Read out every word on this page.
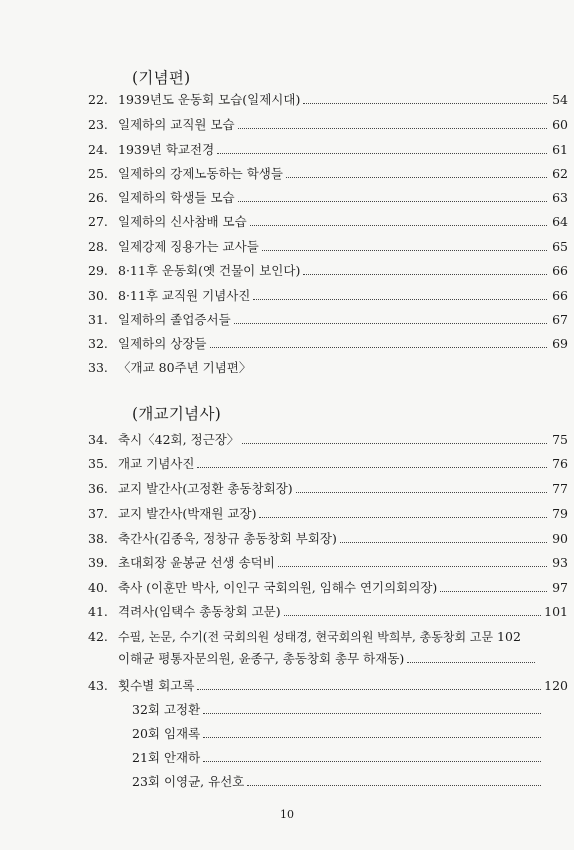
(기념편)
22. 1939년도 운동회 모습(일제시대)	54
23. 일제하의 교직원 모습	60
24. 1939년 학교전경	61
25. 일제하의 강제노동하는 학생들	62
26. 일제하의 학생들 모습	63
27. 일제하의 신사참배 모습	64
28. 일제강제 징용가는 교사들	65
29. 8·11후 운동회(옛 건물이 보인다)	66
30. 8·11후 교직원 기념사진	66
31. 일제하의 졸업증서들	67
32. 일제하의 상장들	69
33. 〈개교 80주년 기념편〉
(개교기념사)
34. 축시〈42회, 정근장〉	75
35. 개교 기념사진	76
36. 교지 발간사(고정환 총동창회장)	77
37. 교지 발간사(박재원 교장)	79
38. 축간사(김종욱, 정창규 총동창회 부회장)	90
39. 초대회장 윤봉균 선생 송덕비	93
40. 축사 (이훈만 박사, 이인구 국회의원, 임해수 연기의회의장)	97
41. 격려사(임택수 총동창회 고문)	101
42. 수필, 논문, 수기(전 국회의원 성태경, 현국회의원 박희부, 총동창회 고문 102
이해균 평통자문의원, 윤종구, 총동창회 총무 하재동)
43. 횟수별 회고록	120
32회 고정환
20회 임재록
21회 안재하
23회 이영균, 유선호
10
